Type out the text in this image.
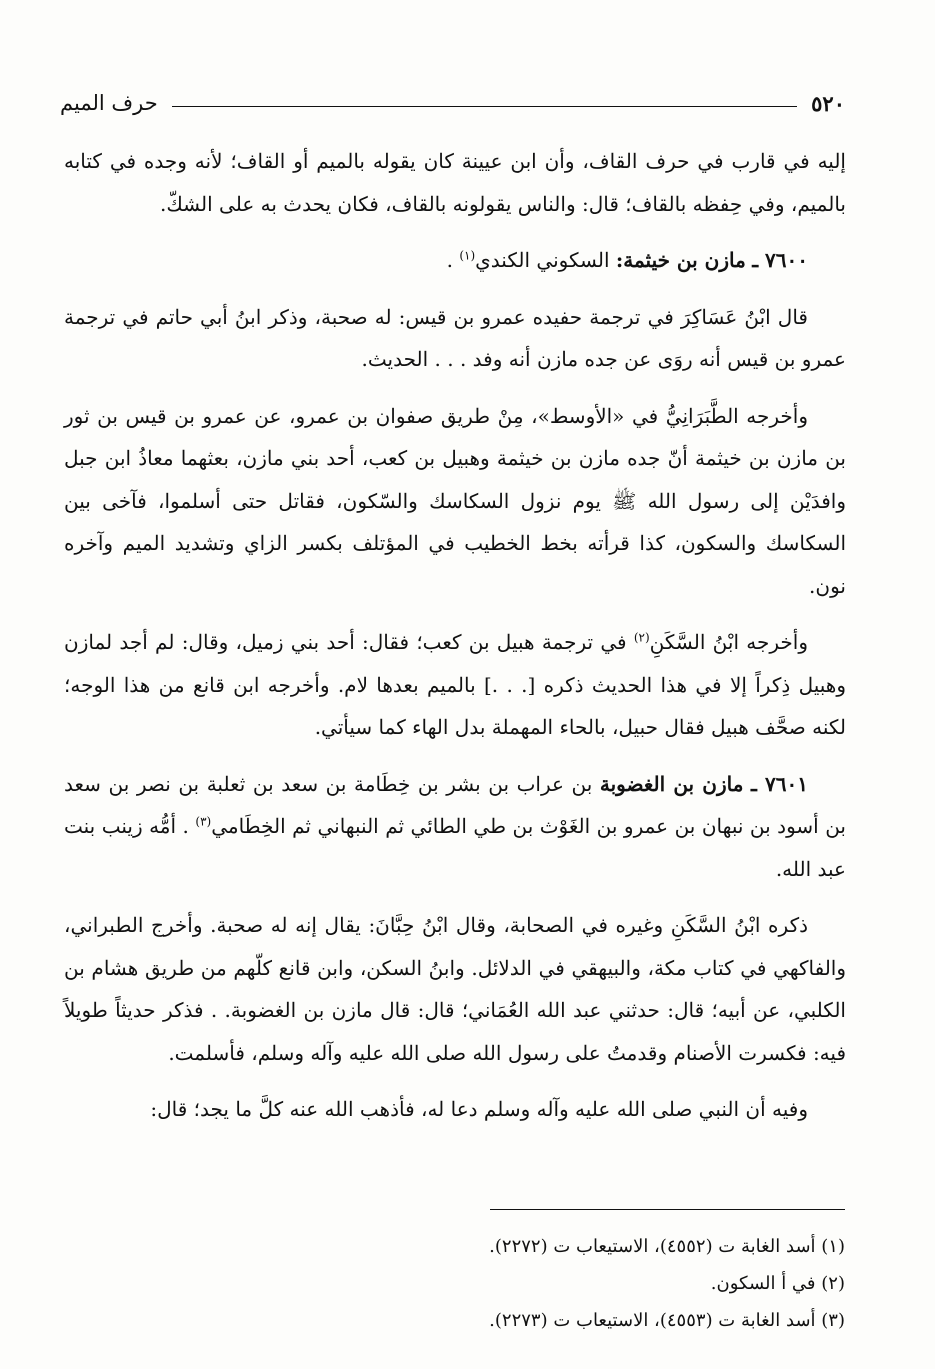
٥٢٠
حرف الميم

إليه في قارب في حرف القاف، وأن ابن عيينة كان يقوله بالميم أو القاف؛ لأنه وجده في كتابه بالميم، وفي حِفظه بالقاف؛ قال: والناس يقولونه بالقاف، فكان يحدث به على الشكّ.

٧٦٠٠ ـ مازن بن خيثمة: السكوني الكندي$^{(١)}$ .

قال ابْنُ عَسَاكِرَ في ترجمة حفيده عمرو بن قيس: له صحبة، وذكر ابنُ أبي حاتم في ترجمة عمرو بن قيس أنه روَى عن جده مازن أنه وفد . . . الحديث.

وأخرجه الطَّبَرَانِيُّ في «الأوسط»، مِنْ طريق صفوان بن عمرو، عن عمرو بن قيس بن ثور بن مازن بن خيثمة أنّ جده مازن بن خيثمة وهبيل بن كعب، أحد بني مازن، بعثهما معاذُ ابن جبل وافدَيْن إلى رسول الله ﷺ يوم نزول السكاسك والسّكون، فقاتل حتى أسلموا، فآخى بين السكاسك والسكون، كذا قرأته بخط الخطيب في المؤتلف بكسر الزاي وتشديد الميم وآخره نون.

وأخرجه ابْنُ السَّكَنِ$^{(٢)}$ في ترجمة هبيل بن كعب؛ فقال: أحد بني زميل، وقال: لم أجد لمازن وهبيل ذِكراً إلا في هذا الحديث ذكره [. . .] بالميم بعدها لام. وأخرجه ابن قانع من هذا الوجه؛ لكنه صحَّف هبيل فقال حبيل، بالحاء المهملة بدل الهاء كما سيأتي.

٧٦٠١ ـ مازن بن الغضوبة بن عراب بن بشر بن خِطَامة بن سعد بن ثعلبة بن نصر بن سعد بن أسود بن نبهان بن عمرو بن الغَوْث بن طي الطائي ثم النبهاني ثم الخِطَامي$^{(٣)}$ . أمُّه زينب بنت عبد الله.

ذكره ابْنُ السَّكَنِ وغيره في الصحابة، وقال ابْنُ حِبَّانَ: يقال إنه له صحبة. وأخرج الطبراني، والفاكهي في كتاب مكة، والبيهقي في الدلائل. وابنُ السكن، وابن قانع كلّهم من طريق هشام بن الكلبي، عن أبيه؛ قال: حدثني عبد الله العُمَاني؛ قال: قال مازن بن الغضوبة. . فذكر حديثاً طويلاً فيه: فكسرت الأصنام وقدمتُ على رسول الله صلى الله عليه وآله وسلم، فأسلمت.

وفيه أن النبي صلى الله عليه وآله وسلم دعا له، فأذهب الله عنه كلَّ ما يجد؛ قال:

(١) أسد الغابة ت (٤٥٥٢)، الاستيعاب ت (٢٢٧٢).
(٢) في أ السكون.
(٣) أسد الغابة ت (٤٥٥٣)، الاستيعاب ت (٢٢٧٣).
